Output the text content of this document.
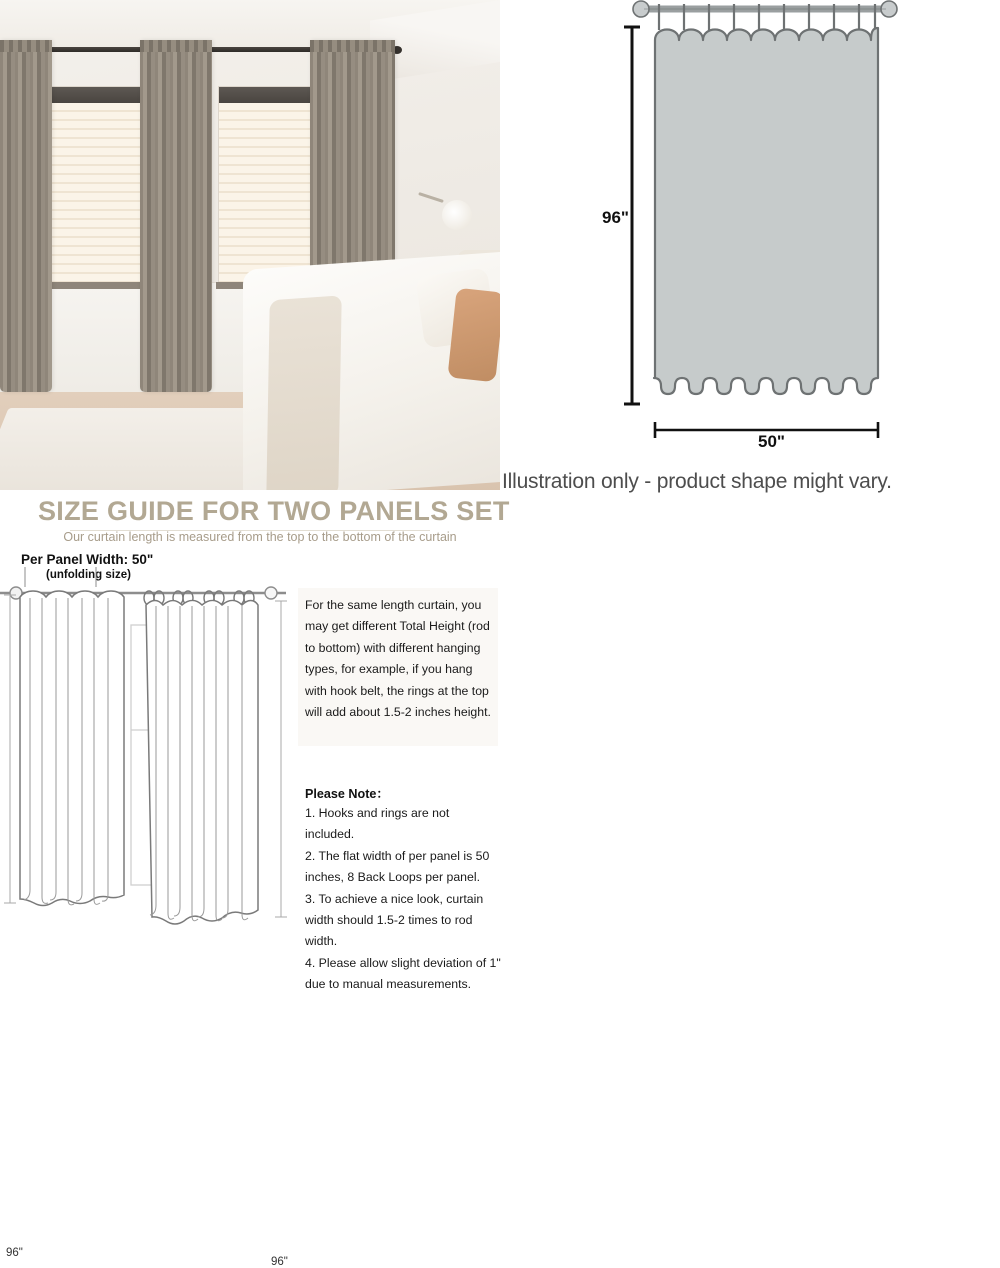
96"
50"
Illustration only - product shape might vary.
SIZE GUIDE FOR TWO PANELS SET
Our curtain length is measured from the top to the bottom of the curtain
Per Panel Width: 50"
(unfolding size)
96"
96"

For the same length curtain, you may get different Total Height (rod to bottom) with different hanging types, for example, if you hang with hook belt, the rings at the top will add about 1.5-2 inches height.

Please Note：
1. Hooks and rings are not included.
2. The flat width of per panel is 50 inches, 8 Back Loops per panel.
3. To achieve a nice look, curtain width should 1.5-2 times to rod width.
4. Please allow slight deviation of 1" due to manual measurements.
